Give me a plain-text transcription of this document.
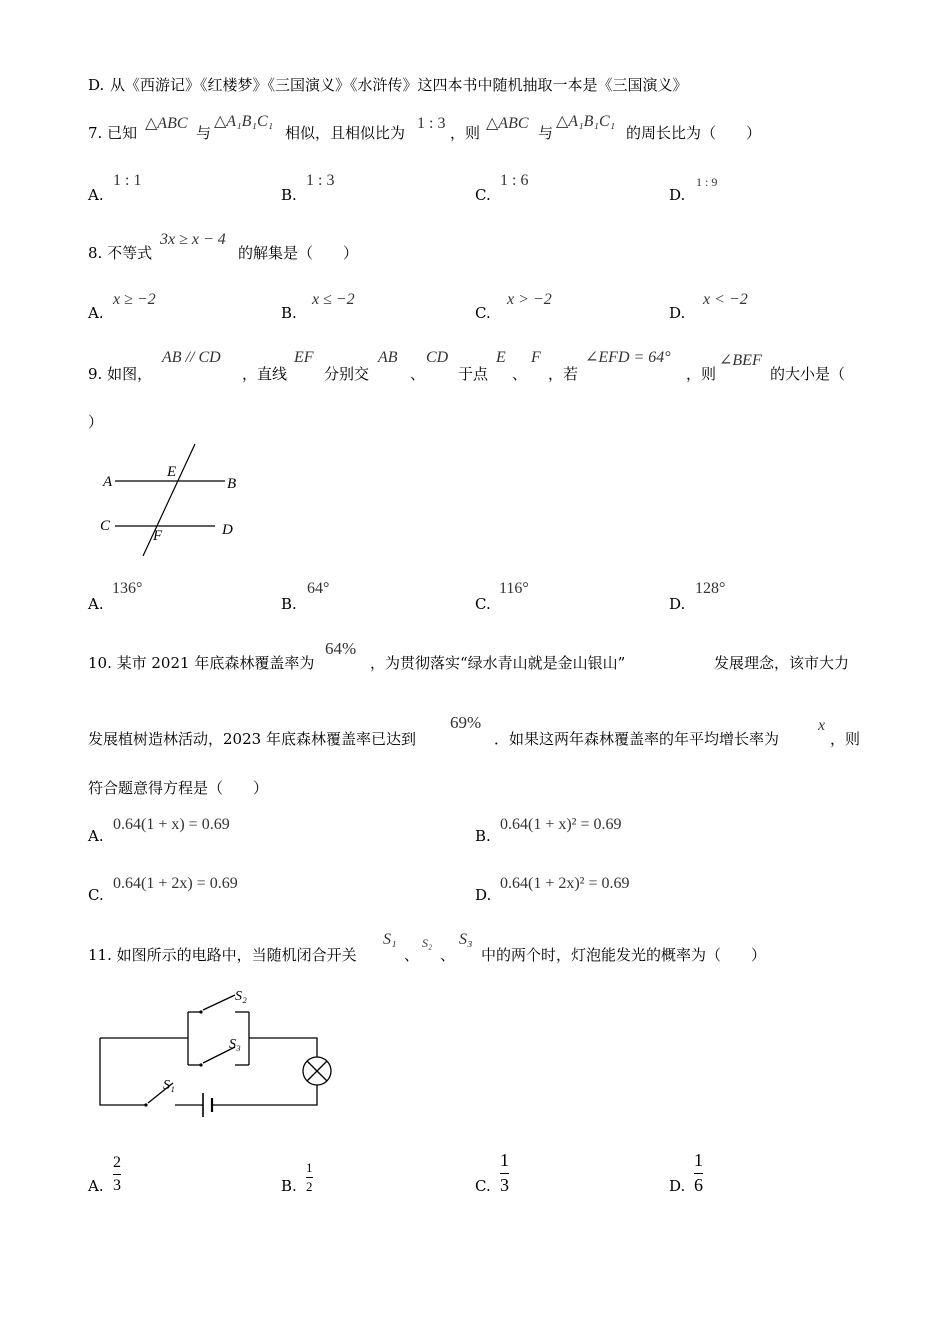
D. 从《西游记》《红楼梦》《三国演义》《水浒传》这四本书中随机抽取一本是《三国演义》
7. 已知
△ABC
与
△A₁B₁C₁
相似，且相似比为
1 : 3
，则
△ABC
与
△A₁B₁C₁
的周长比为（　　）
A.
1 : 1
B.
1 : 3
C.
1 : 6
D.
1 : 9
8. 不等式
3x ≥ x − 4
的解集是（　　）
A.
x ≥ −2
B.
x ≤ −2
C.
x > −2
D.
x < −2
9. 如图，
AB // CD
，直线
EF
分别交
AB
、
CD
于点
E
、
F
，若
∠EFD = 64°
，则
∠BEF
的大小是（
）
A	B
C	D
E
F
A.
136°
B.
64°
C.
116°
D.
128°
10. 某市 2021 年底森林覆盖率为
64%
，为贯彻落实“绿水青山就是金山银山”	发展理念，该市大力
发展植树造林活动，2023 年底森林覆盖率已达到
69%
．如果这两年森林覆盖率的年平均增长率为
x
，则
符合题意得方程是（　　）
A.
0.64(1 + x) = 0.69
B.
0.64(1 + x)² = 0.69
C.
0.64(1 + 2x) = 0.69
D.
0.64(1 + 2x)² = 0.69
11. 如图所示的电路中，当随机闭合开关
S₁
、
S₂
、
S₃
中的两个时，灯泡能发光的概率为（　　）
S₂
S₃
S₁
A.
2
3	B.
1
2	C.
1
3	D.
1
6
